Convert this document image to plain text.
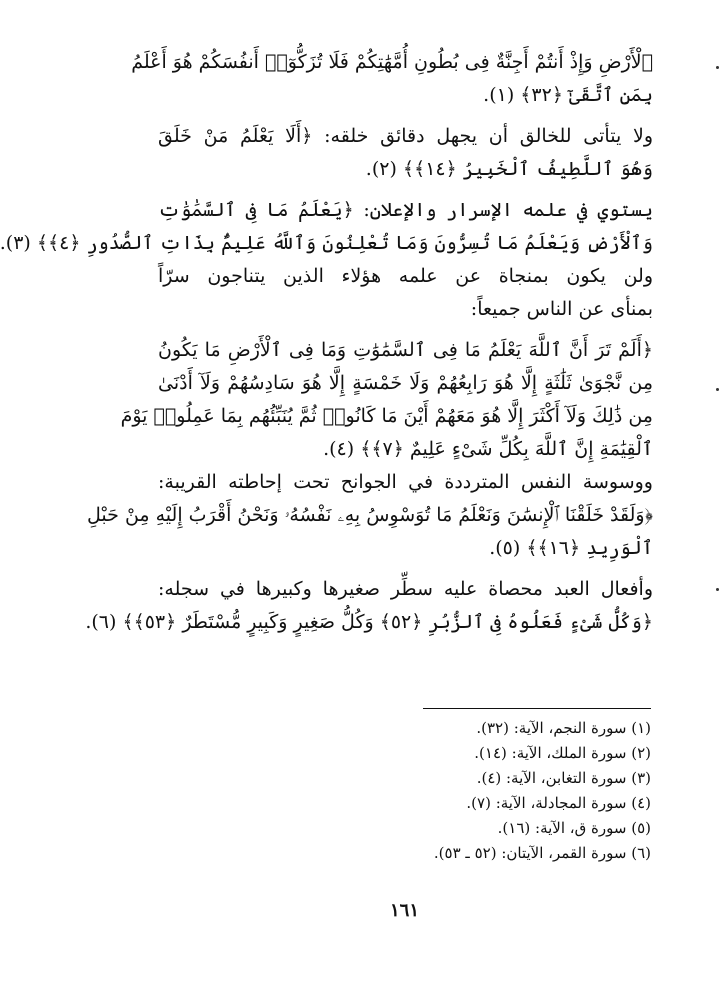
ٱلْأَرْضِ وَإِذْ أَنتُمْ أَجِنَّةٌ فِى بُطُونِ أُمَّهَٰتِكُمْ فَلَا تُزَكُّوٓا۟ أَنفُسَكُمْ هُوَ أَعْلَمُ
بِمَنِ ٱتَّقَىٰٓ ﴿٣٢﴾ (١).
ولا يتأتى للخالق أن يجهل دقائق خلقه: ﴿أَلَا يَعْلَمُ مَنْ خَلَقَ
وَهُوَ ٱللَّطِيفُ ٱلْخَبِيرُ ﴿١٤﴾﴾ (٢).
يستوي في علمه الإسرار والإعلان: ﴿يَعْلَمُ مَا فِى ٱلسَّمَٰوَٰتِ
وَٱلْأَرْضِ وَيَعْلَمُ مَا تُسِرُّونَ وَمَا تُعْلِنُونَ وَٱللَّهُ عَلِيمٌۢ بِذَاتِ ٱلصُّدُورِ ﴿٤﴾﴾ (٣).
ولن يكون بمنجاة عن علمه هؤلاء الذين يتناجون سرّاً
بمنأى عن الناس جميعاً:
﴿أَلَمْ تَرَ أَنَّ ٱللَّهَ يَعْلَمُ مَا فِى ٱلسَّمَٰوَٰتِ وَمَا فِى ٱلْأَرْضِ مَا يَكُونُ
مِن نَّجْوَىٰ ثَلَٰثَةٍ إِلَّا هُوَ رَابِعُهُمْ وَلَا خَمْسَةٍ إِلَّا هُوَ سَادِسُهُمْ وَلَآ أَدْنَىٰ
مِن ذَٰلِكَ وَلَآ أَكْثَرَ إِلَّا هُوَ مَعَهُمْ أَيْنَ مَا كَانُوا۟ ثُمَّ يُنَبِّئُهُم بِمَا عَمِلُوا۟ يَوْمَ
ٱلْقِيَٰمَةِ إِنَّ ٱللَّهَ بِكُلِّ شَىْءٍ عَلِيمٌ ﴿٧﴾﴾ (٤).
ووسوسة النفس المترددة في الجوانح تحت إحاطته القريبة:
﴿وَلَقَدْ خَلَقْنَا ٱلْإِنسَٰنَ وَنَعْلَمُ مَا تُوَسْوِسُ بِهِۦ نَفْسُهُۥ وَنَحْنُ أَقْرَبُ إِلَيْهِ مِنْ حَبْلِ
ٱلْوَرِيدِ ﴿١٦﴾﴾ (٥).
وأفعال العبد محصاة عليه سطِّر صغيرها وكبيرها في سجله:
﴿وَكُلُّ شَىْءٍ فَعَلُوهُ فِى ٱلزُّبُرِ ﴿٥٢﴾ وَكُلُّ صَغِيرٍ وَكَبِيرٍ مُّسْتَطَرٌ ﴿٥٣﴾﴾ (٦).
(١) سورة النجم، الآية: (٣٢).
(٢) سورة الملك، الآية: (١٤).
(٣) سورة التغابن، الآية: (٤).
(٤) سورة المجادلة، الآية: (٧).
(٥) سورة ق، الآية: (١٦).
(٦) سورة القمر، الآيتان: (٥٢ ـ ٥٣).
١٦١
